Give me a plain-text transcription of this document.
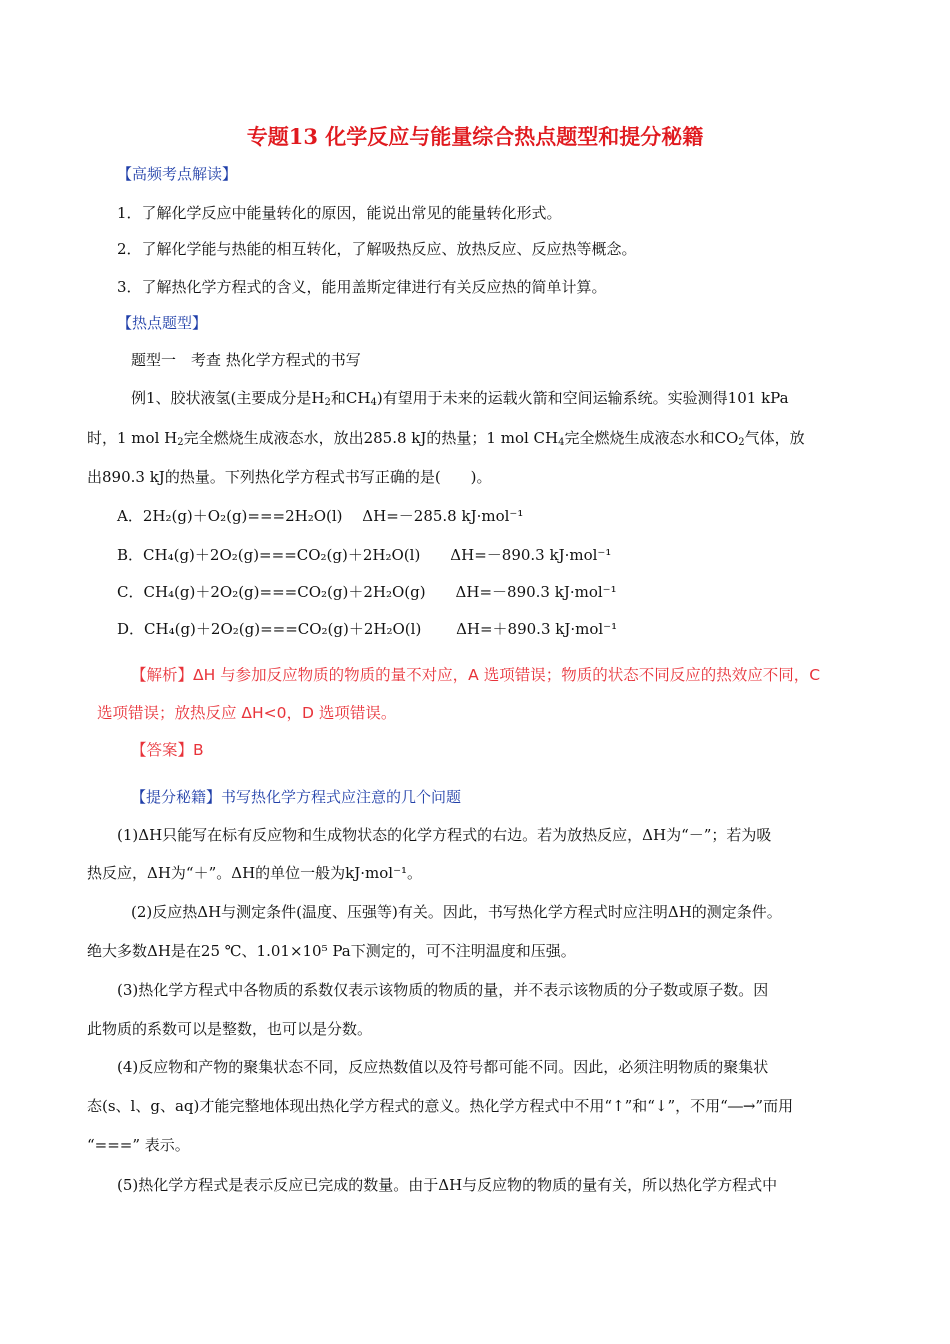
专题13 化学反应与能量综合热点题型和提分秘籍
【高频考点解读】
1．了解化学反应中能量转化的原因，能说出常见的能量转化形式。
2．了解化学能与热能的相互转化，了解吸热反应、放热反应、反应热等概念。
3．了解热化学方程式的含义，能用盖斯定律进行有关反应热的简单计算。
【热点题型】
题型一　考查 热化学方程式的书写
例1、胶状液氢(主要成分是$H_2$和$CH_4$)有望用于未来的运载火箭和空间运输系统。实验测得101 kPa
时，1 mol $H_2$完全燃烧生成液态水，放出285.8 kJ的热量；1 mol $CH_4$完全燃烧生成液态水和$CO_2$气体，放
出890.3 kJ的热量。下列热化学方程式书写正确的是(　　)。
A．2H₂(g)＋O₂(g)===2H₂O(l)　 ΔH=－285.8 kJ·mol⁻¹
B．CH₄(g)＋2O₂(g)===CO₂(g)＋2H₂O(l)　　ΔH=－890.3 kJ·mol⁻¹
C．CH₄(g)＋2O₂(g)===CO₂(g)＋2H₂O(g)　　ΔH=－890.3 kJ·mol⁻¹
D．CH₄(g)＋2O₂(g)===CO₂(g)＋2H₂O(l)　　 ΔH=＋890.3 kJ·mol⁻¹
【解析】ΔH 与参加反应物质的物质的量不对应，A 选项错误；物质的状态不同反应的热效应不同，C
选项错误；放热反应 ΔH<0，D 选项错误。
【答案】B
【提分秘籍】书写热化学方程式应注意的几个问题
(1)ΔH只能写在标有反应物和生成物状态的化学方程式的右边。若为放热反应，ΔH为“－”；若为吸
热反应，ΔH为“＋”。ΔH的单位一般为kJ·mol⁻¹。
(2)反应热ΔH与测定条件(温度、压强等)有关。因此，书写热化学方程式时应注明ΔH的测定条件。
绝大多数ΔH是在25 ℃、1.01×10⁵ Pa下测定的，可不注明温度和压强。
(3)热化学方程式中各物质的系数仅表示该物质的物质的量，并不表示该物质的分子数或原子数。因
此物质的系数可以是整数，也可以是分数。
(4)反应物和产物的聚集状态不同，反应热数值以及符号都可能不同。因此，必须注明物质的聚集状
态(s、l、g、aq)才能完整地体现出热化学方程式的意义。热化学方程式中不用“↑”和“↓”，不用“―→”而用
“===” 表示。
(5)热化学方程式是表示反应已完成的数量。由于ΔH与反应物的物质的量有关，所以热化学方程式中
